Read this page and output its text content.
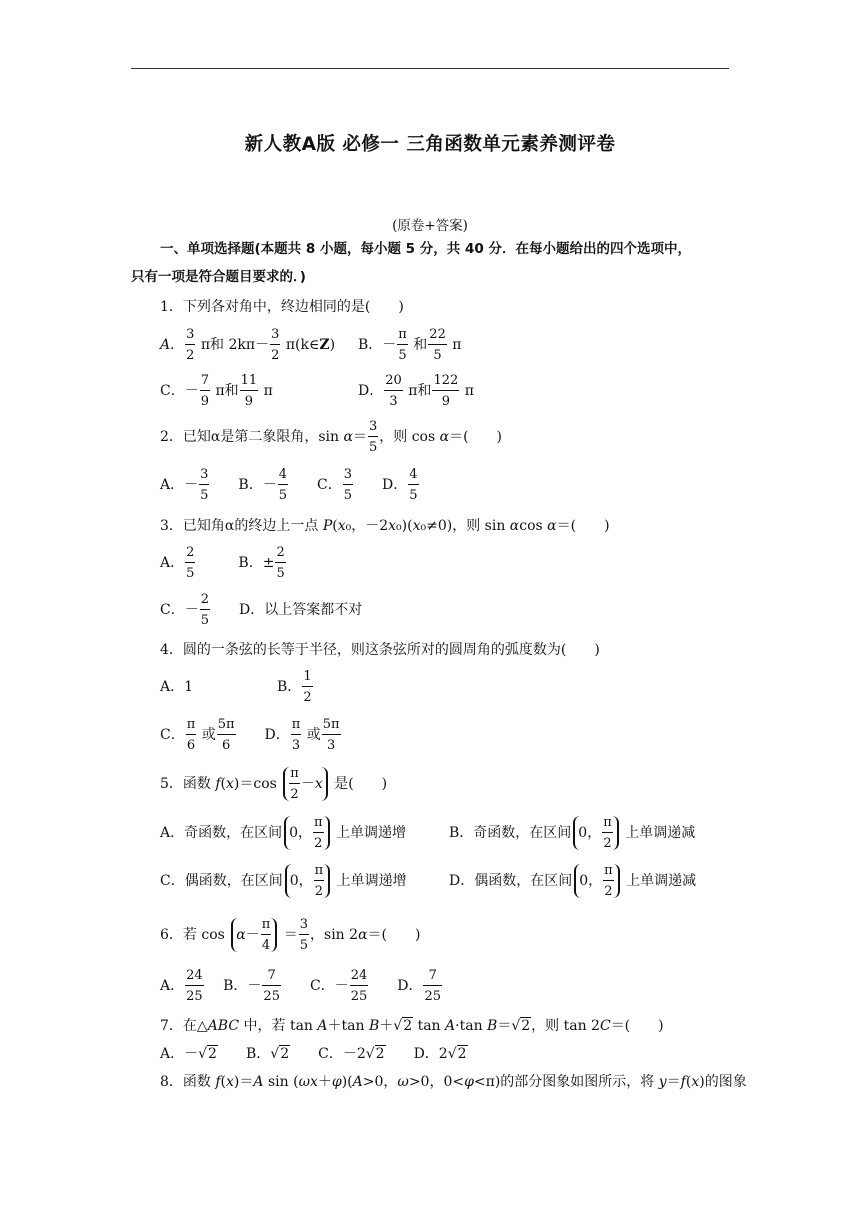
新人教A版 必修一 三角函数单元素养测评卷
(原卷+答案)
一、单项选择题(本题共 8 小题，每小题 5 分，共 40 分．在每小题给出的四个选项中，
只有一项是符合题目要求的．)
1．下列各对角中，终边相同的是(　　)
A． $\frac{3}{2}$ π和 $2k\pi- \frac{3}{2}$ π(k∈Z) B．－ $\frac{\pi}{5}$ 和 $\frac{22}{5}$ π
C．－ $\frac{7}{9}$ π和 $\frac{11}{9}$ π	D． $\frac{20}{3}$ π和 $\frac{122}{9}$ π
2．已知α是第二象限角，$\sin \alpha= \frac{3}{5}$ ，则 cos α＝(　　)
A．－ $\frac{3}{5}$ 　　B．－ $\frac{4}{5}$ 　　C． $\frac{3}{5}$ 　　D． $\frac{4}{5}$
3．已知角α的终边上一点 P(x₀，－2x₀)(x₀≠0)，则 sin αcos α＝(　　)
A． $\frac{2}{5}$ 　　　B．± $\frac{2}{5}$
C．－ $\frac{2}{5}$ 　　D．以上答案都不对
4．圆的一条弦的长等于半径，则这条弦所对的圆周角的弧度数为(　　)
A．1　　　　　　B． $\frac{1}{2}$
C． $\frac{\pi}{6}$ 或 $\frac{5\pi}{6}$ 　　D． $\frac{\pi}{3}$ 或 $\frac{5\pi}{3}$
5．函数 $f(x)=\cos \frac{\pi}{2} -x$ 是(　　)
A．奇函数，在区间 0， $\frac{\pi}{2}$ 上单调递增	B．奇函数，在区间 0， $\frac{\pi}{2}$ 上单调递减
C．偶函数，在区间 0， $\frac{\pi}{2}$ 上单调递增	D．偶函数，在区间 0， $\frac{\pi}{2}$ 上单调递减
6．若 $\cos \alpha- \frac{\pi}{4} = \frac{3}{5}$ ，sin 2α＝(　　)
A． $\frac{24}{25}$ 　 B．－ $\frac{7}{25}$ 　　C．－ $\frac{24}{25}$ 　　D． $\frac{7}{25}$
7．在△ABC 中，若 tan A＋tan B＋√2 tan A·tan B＝√2，则 tan 2C＝(　　)
A．－√2　　B．√2　　C．－2√2　　D．2√2
8．函数 f(x)＝A sin (ωx＋φ)(A>0，ω>0，0<φ<π)的部分图象如图所示，将 y＝f(x)的图象
